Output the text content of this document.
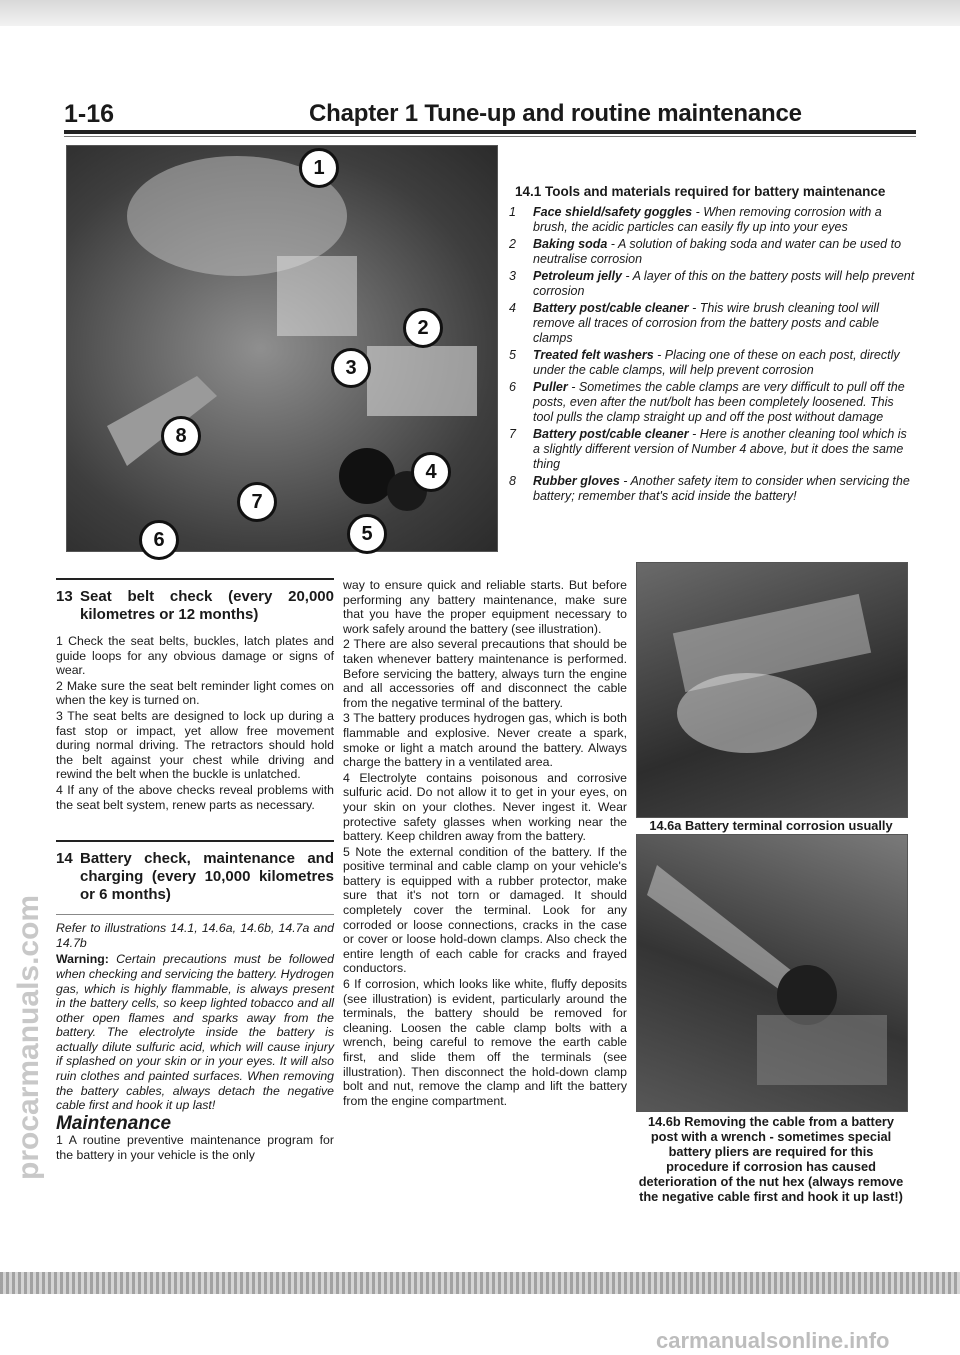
1-16	Chapter 1 Tune-up and routine maintenance
1
2
3
4
5
6
7
8
14.1 Tools and materials required for battery maintenance
1 Face shield/safety goggles - When removing corrosion with a brush, the acidic particles can easily fly up into your eyes
2 Baking soda - A solution of baking soda and water can be used to neutralise corrosion
3 Petroleum jelly - A layer of this on the battery posts will help prevent corrosion
4 Battery post/cable cleaner - This wire brush cleaning tool will remove all traces of corrosion from the battery posts and cable clamps
5 Treated felt washers - Placing one of these on each post, directly under the cable clamps, will help prevent corrosion
6 Puller - Sometimes the cable clamps are very difficult to pull off the posts, even after the nut/bolt has been completely loosened. This tool pulls the clamp straight up and off the post without damage
7 Battery post/cable cleaner - Here is another cleaning tool which is a slightly different version of Number 4 above, but it does the same thing
8 Rubber gloves - Another safety item to consider when servicing the battery; remember that's acid inside the battery!
13 Seat belt check (every 20,000 kilometres or 12 months)
1 Check the seat belts, buckles, latch plates and guide loops for any obvious damage or signs of wear.
2 Make sure the seat belt reminder light comes on when the key is turned on.
3 The seat belts are designed to lock up during a fast stop or impact, yet allow free movement during normal driving. The retractors should hold the belt against your chest while driving and rewind the belt when the buckle is unlatched.
4 If any of the above checks reveal problems with the seat belt system, renew parts as necessary.
14 Battery check, maintenance and charging (every 10,000 kilometres or 6 months)
Refer to illustrations 14.1, 14.6a, 14.6b, 14.7a and 14.7b
Warning: Certain precautions must be followed when checking and servicing the battery. Hydrogen gas, which is highly flammable, is always present in the battery cells, so keep lighted tobacco and all other open flames and sparks away from the battery. The electrolyte inside the battery is actually dilute sulfuric acid, which will cause injury if splashed on your skin or in your eyes. It will also ruin clothes and painted surfaces. When removing the battery cables, always detach the negative cable first and hook it up last!
Maintenance
1 A routine preventive maintenance program for the battery in your vehicle is the only
way to ensure quick and reliable starts. But before performing any battery maintenance, make sure that you have the proper equipment necessary to work safely around the battery (see illustration).
2 There are also several precautions that should be taken whenever battery maintenance is performed. Before servicing the battery, always turn the engine and all accessories off and disconnect the cable from the negative terminal of the battery.
3 The battery produces hydrogen gas, which is both flammable and explosive. Never create a spark, smoke or light a match around the battery. Always charge the battery in a ventilated area.
4 Electrolyte contains poisonous and corrosive sulfuric acid. Do not allow it to get in your eyes, on your skin on your clothes. Never ingest it. Wear protective safety glasses when working near the battery. Keep children away from the battery.
5 Note the external condition of the battery. If the positive terminal and cable clamp on your vehicle's battery is equipped with a rubber protector, make sure that it's not torn or damaged. It should completely cover the terminal. Look for any corroded or loose connections, cracks in the case or cover or loose hold-down clamps. Also check the entire length of each cable for cracks and frayed conductors.
6 If corrosion, which looks like white, fluffy deposits (see illustration) is evident, particularly around the terminals, the battery should be removed for cleaning. Loosen the cable clamp bolts with a wrench, being careful to remove the earth cable first, and slide them off the terminals (see illustration). Then disconnect the hold-down clamp bolt and nut, remove the clamp and lift the battery from the engine compartment.
14.6a Battery terminal corrosion usually
14.6b Removing the cable from a battery post with a wrench - sometimes special battery pliers are required for this procedure if corrosion has caused deterioration of the nut hex (always remove the negative cable first and hook it up last!)
procarmanuals.com
carmanualsonline.info
